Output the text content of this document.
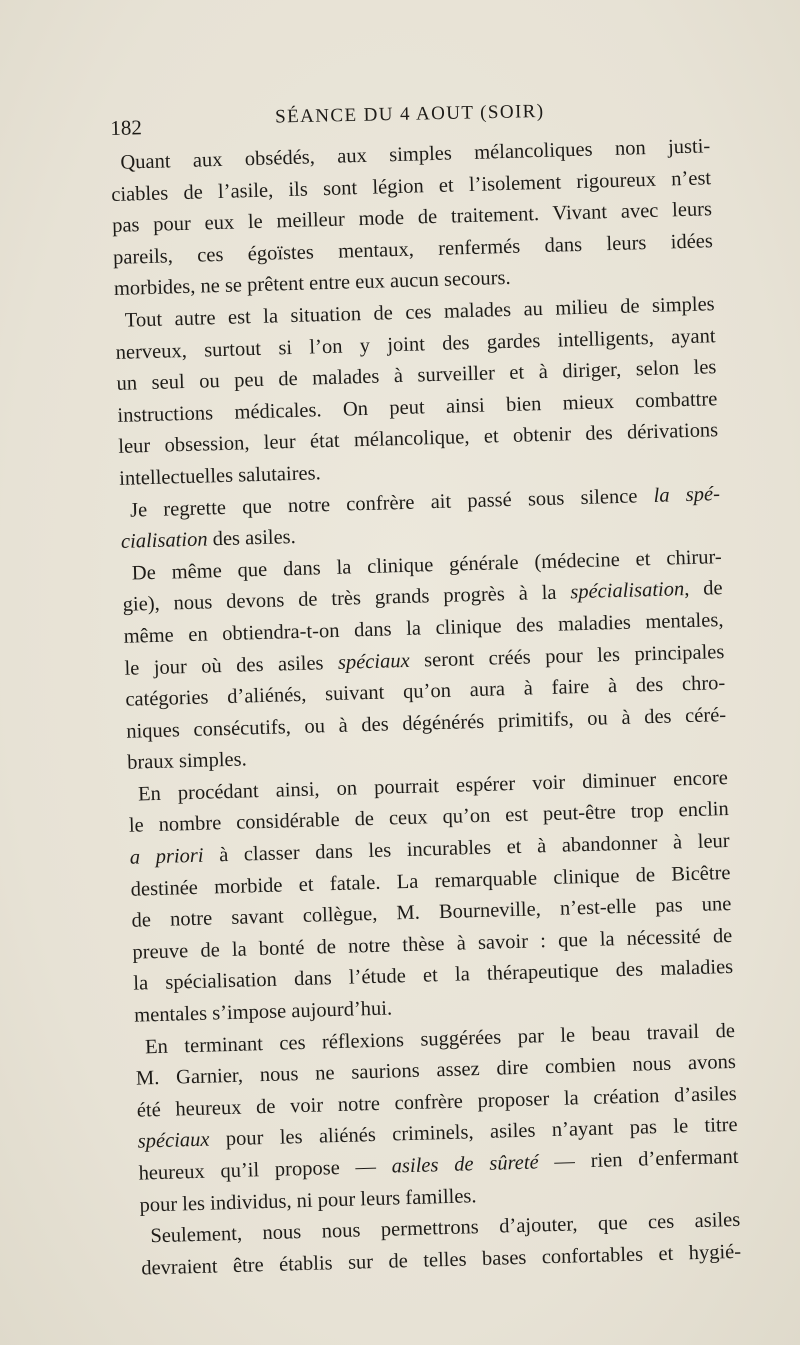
182
SÉANCE DU 4 AOUT (SOIR)
Quant aux obsédés, aux simples mélancoliques non justi-
ciables de l’asile, ils sont légion et l’isolement rigoureux n’est
pas pour eux le meilleur mode de traitement. Vivant avec leurs
pareils, ces égoïstes mentaux, renfermés dans leurs idées
morbides, ne se prêtent entre eux aucun secours.
Tout autre est la situation de ces malades au milieu de simples
nerveux, surtout si l’on y joint des gardes intelligents, ayant
un seul ou peu de malades à surveiller et à diriger, selon les
instructions médicales. On peut ainsi bien mieux combattre
leur obsession, leur état mélancolique, et obtenir des dérivations
intellectuelles salutaires.
Je regrette que notre confrère ait passé sous silence la spé-
cialisation des asiles.
De même que dans la clinique générale (médecine et chirur-
gie), nous devons de très grands progrès à la spécialisation, de
même en obtiendra-t-on dans la clinique des maladies mentales,
le jour où des asiles spéciaux seront créés pour les principales
catégories d’aliénés, suivant qu’on aura à faire à des chro-
niques consécutifs, ou à des dégénérés primitifs, ou à des céré-
braux simples.
En procédant ainsi, on pourrait espérer voir diminuer encore
le nombre considérable de ceux qu’on est peut-être trop enclin
a priori à classer dans les incurables et à abandonner à leur
destinée morbide et fatale. La remarquable clinique de Bicêtre
de notre savant collègue, M. Bourneville, n’est-elle pas une
preuve de la bonté de notre thèse à savoir : que la nécessité de
la spécialisation dans l’étude et la thérapeutique des maladies
mentales s’impose aujourd’hui.
En terminant ces réflexions suggérées par le beau travail de
M. Garnier, nous ne saurions assez dire combien nous avons
été heureux de voir notre confrère proposer la création d’asiles
spéciaux pour les aliénés criminels, asiles n’ayant pas le titre
heureux qu’il propose — asiles de sûreté — rien d’enfermant
pour les individus, ni pour leurs familles.
Seulement, nous nous permettrons d’ajouter, que ces asiles
devraient être établis sur de telles bases confortables et hygié-
